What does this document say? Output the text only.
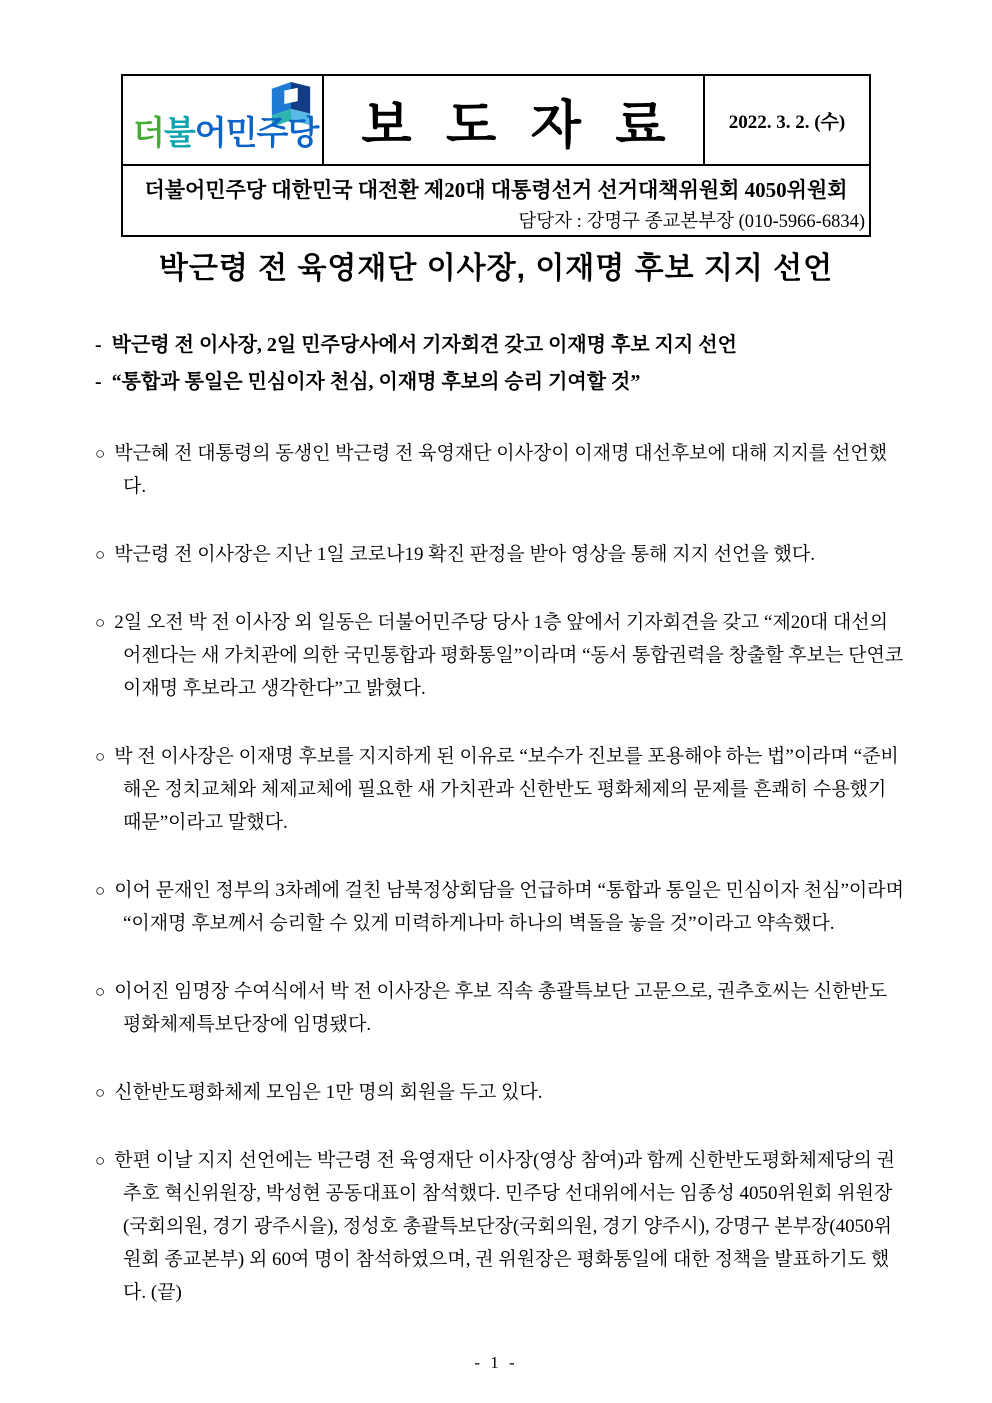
더불어민주당 보 도 자 료	2022. 3. 2. (수)
더불어민주당 대한민국 대전환 제20대 대통령선거 선거대책위원회 4050위원회
담당자 : 강명구 종교본부장 (010-5966-6834)
박근령 전 육영재단 이사장, 이재명 후보 지지 선언
- 박근령 전 이사장, 2일 민주당사에서 기자회견 갖고 이재명 후보 지지 선언
- “통합과 통일은 민심이자 천심, 이재명 후보의 승리 기여할 것”
○ 박근혜 전 대통령의 동생인 박근령 전 육영재단 이사장이 이재명 대선후보에 대해 지지를 선언했다.
○ 박근령 전 이사장은 지난 1일 코로나19 확진 판정을 받아 영상을 통해 지지 선언을 했다.
○ 2일 오전 박 전 이사장 외 일동은 더불어민주당 당사 1층 앞에서 기자회견을 갖고 “제20대 대선의 어젠다는 새 가치관에 의한 국민통합과 평화통일”이라며 “동서 통합권력을 창출할 후보는 단연코 이재명 후보라고 생각한다”고 밝혔다.
○ 박 전 이사장은 이재명 후보를 지지하게 된 이유로 “보수가 진보를 포용해야 하는 법”이라며 “준비해온 정치교체와 체제교체에 필요한 새 가치관과 신한반도 평화체제의 문제를 흔쾌히 수용했기 때문”이라고 말했다.
○ 이어 문재인 정부의 3차례에 걸친 남북정상회담을 언급하며 “통합과 통일은 민심이자 천심”이라며 “이재명 후보께서 승리할 수 있게 미력하게나마 하나의 벽돌을 놓을 것”이라고 약속했다.
○ 이어진 임명장 수여식에서 박 전 이사장은 후보 직속 총괄특보단 고문으로, 권추호씨는 신한반도평화체제특보단장에 임명됐다.
○ 신한반도평화체제 모임은 1만 명의 회원을 두고 있다.
○ 한편 이날 지지 선언에는 박근령 전 육영재단 이사장(영상 참여)과 함께 신한반도평화체제당의 권추호 혁신위원장, 박성현 공동대표이 참석했다. 민주당 선대위에서는 임종성 4050위원회 위원장(국회의원, 경기 광주시을), 정성호 총괄특보단장(국회의원, 경기 양주시), 강명구 본부장(4050위원회 종교본부) 외 60여 명이 참석하였으며, 권 위원장은 평화통일에 대한 정책을 발표하기도 했다. (끝)
- 1 -
